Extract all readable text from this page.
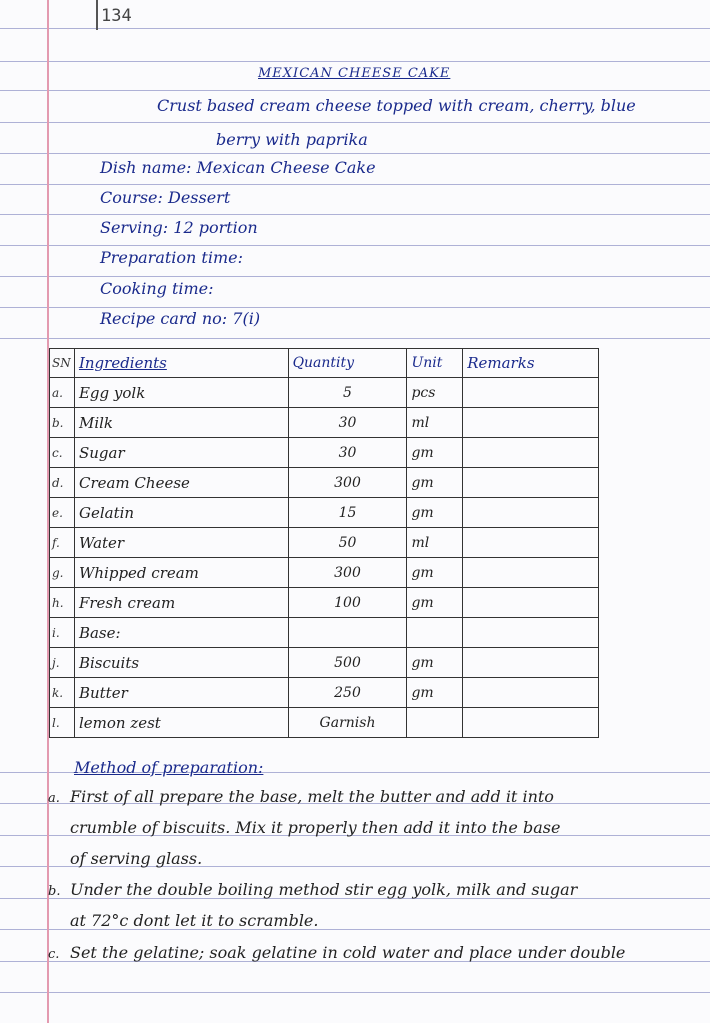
134
MEXICAN CHEESE CAKE
Crust based cream cheese topped with cream, cherry, blue
berry with paprika
Dish name: Mexican Cheese Cake
Course: Dessert
Serving: 12 portion
Preparation time:
Cooking time:
Recipe card no: 7(i)
SN	Ingredients	Quantity	Unit	Remarks
a.	Egg yolk	5	pcs	
b.	Milk	30	ml	
c.	Sugar	30	gm	
d.	Cream Cheese	300	gm	
e.	Gelatin	15	gm	
f.	Water	50	ml	
g.	Whipped cream	300	gm	
h.	Fresh cream	100	gm	
i.	Base:			
j.	Biscuits	500	gm	
k.	Butter	250	gm	
l.	lemon zest	Garnish		
Method of preparation:
a. First of all prepare the base, melt the butter and add it into
crumble of biscuits. Mix it properly then add it into the base
of serving glass.
b. Under the double boiling method stir egg yolk, milk and sugar
at 72°c dont let it to scramble.
c. Set the gelatine; soak gelatine in cold water and place under double
